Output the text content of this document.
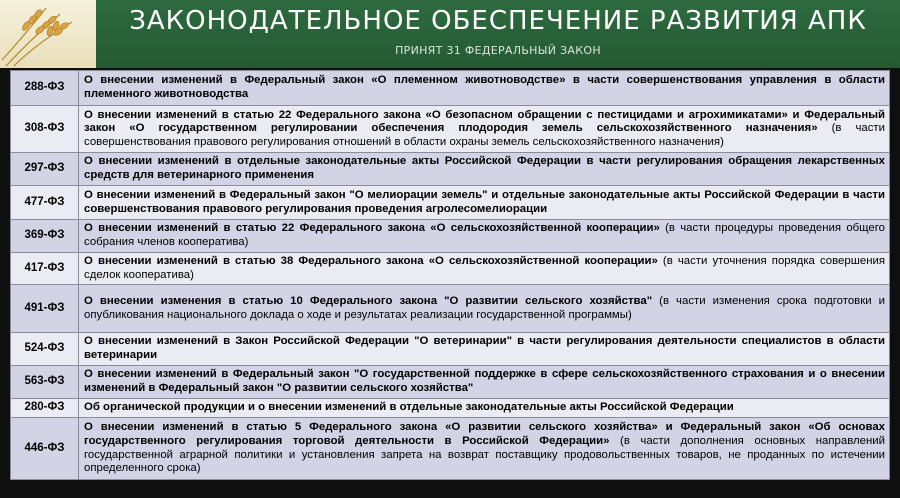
ЗАКОНОДАТЕЛЬНОЕ ОБЕСПЕЧЕНИЕ РАЗВИТИЯ АПК
ПРИНЯТ 31 ФЕДЕРАЛЬНЫЙ ЗАКОН
288-ФЗ	О внесении изменений в Федеральный закон «О племенном животноводстве» в части совершенствования управления в области племенного животноводства
308-ФЗ	О внесении изменений в статью 22 Федерального закона «О безопасном обращении с пестицидами и агрохимикатами» и Федеральный закон «О государственном регулировании обеспечения плодородия земель сельскохозяйственного назначения» (в части совершенствования правового регулирования отношений в области охраны земель сельскохозяйственного назначения)
297-ФЗ	О внесении изменений в отдельные законодательные акты Российской Федерации в части регулирования обращения лекарственных средств для ветеринарного применения
477-ФЗ	О внесении изменений в Федеральный закон "О мелиорации земель" и отдельные законодательные акты Российской Федерации в части совершенствования правового регулирования проведения агролесомелиорации
369-ФЗ	О внесении изменений в статью 22 Федерального закона «О сельскохозяйственной кооперации» (в части процедуры проведения общего собрания членов кооператива)
417-ФЗ	О внесении изменений в статью 38 Федерального закона «О сельскохозяйственной кооперации» (в части уточнения порядка совершения сделок кооператива)
491-ФЗ	О внесении изменения в статью 10 Федерального закона "О развитии сельского хозяйства" (в части изменения срока подготовки и опубликования национального доклада о ходе и результатах реализации государственной программы)
524-ФЗ	О внесении изменений в Закон Российской Федерации "О ветеринарии" в части регулирования деятельности специалистов в области ветеринарии
563-ФЗ	О внесении изменений в Федеральный закон "О государственной поддержке в сфере сельскохозяйственного страхования и о внесении изменений в Федеральный закон "О развитии сельского хозяйства"
280-ФЗ	Об органической продукции и о внесении изменений в отдельные законодательные акты Российской Федерации
446-ФЗ	О внесении изменений в статью 5 Федерального закона «О развитии сельского хозяйства» и Федеральный закон «Об основах государственного регулирования торговой деятельности в Российской Федерации» (в части дополнения основных направлений государственной аграрной политики и установления запрета на возврат поставщику продовольственных товаров, не проданных по истечении определенного срока)
